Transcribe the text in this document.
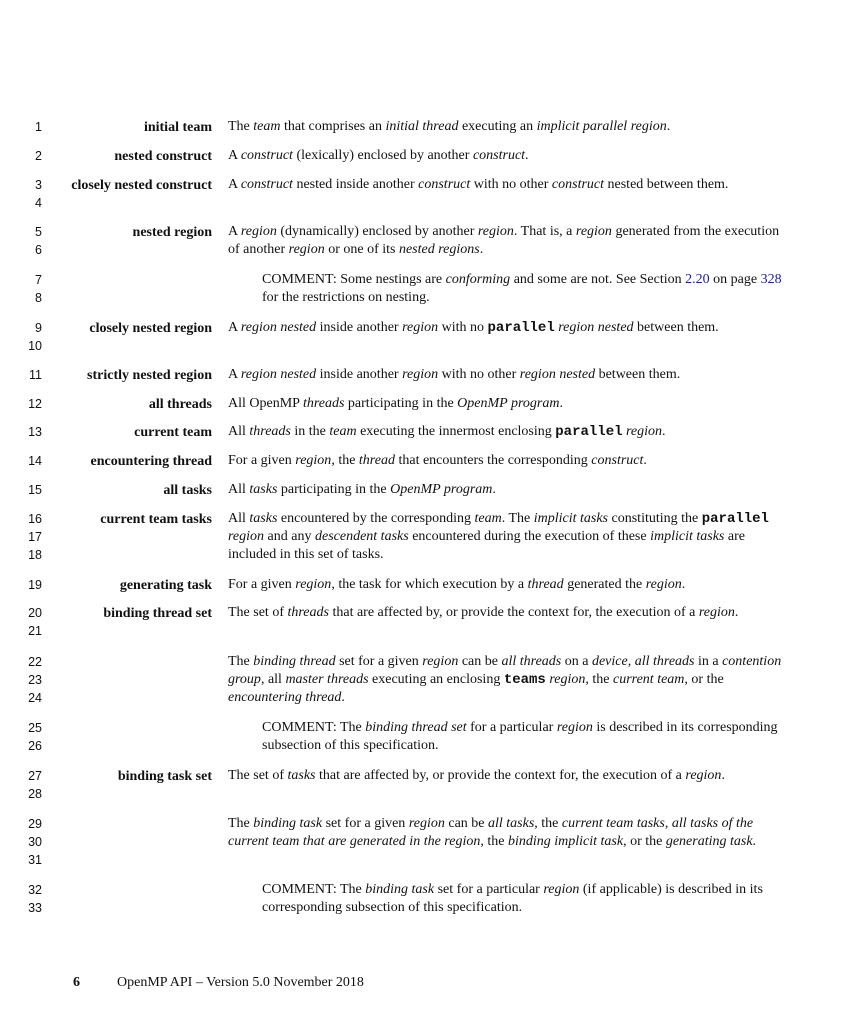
1
2
3
4
5
6
7
8
9
10
11
12
13
14
15
16
17
18
19
20
21
22
23
24
25
26
27
28
29
30
31
32
33
initial team
nested construct
closely nested construct
nested region
closely nested region
strictly nested region
all threads
current team
encountering thread
all tasks
current team tasks
generating task
binding thread set
binding task set
The team that comprises an initial thread executing an implicit parallel region.
A construct (lexically) enclosed by another construct.
A construct nested inside another construct with no other construct nested between them.
A region (dynamically) enclosed by another region. That is, a region generated from the execution of another region or one of its nested regions.
COMMENT: Some nestings are conforming and some are not. See Section 2.20 on page 328 for the restrictions on nesting.
A region nested inside another region with no parallel region nested between them.
A region nested inside another region with no other region nested between them.
All OpenMP threads participating in the OpenMP program.
All threads in the team executing the innermost enclosing parallel region.
For a given region, the thread that encounters the corresponding construct.
All tasks participating in the OpenMP program.
All tasks encountered by the corresponding team. The implicit tasks constituting the parallel region and any descendent tasks encountered during the execution of these implicit tasks are included in this set of tasks.
For a given region, the task for which execution by a thread generated the region.
The set of threads that are affected by, or provide the context for, the execution of a region.
The binding thread set for a given region can be all threads on a device, all threads in a contention group, all master threads executing an enclosing teams region, the current team, or the encountering thread.
COMMENT: The binding thread set for a particular region is described in its corresponding subsection of this specification.
The set of tasks that are affected by, or provide the context for, the execution of a region.
The binding task set for a given region can be all tasks, the current team tasks, all tasks of the current team that are generated in the region, the binding implicit task, or the generating task.
COMMENT: The binding task set for a particular region (if applicable) is described in its corresponding subsection of this specification.
6	OpenMP API – Version 5.0 November 2018
